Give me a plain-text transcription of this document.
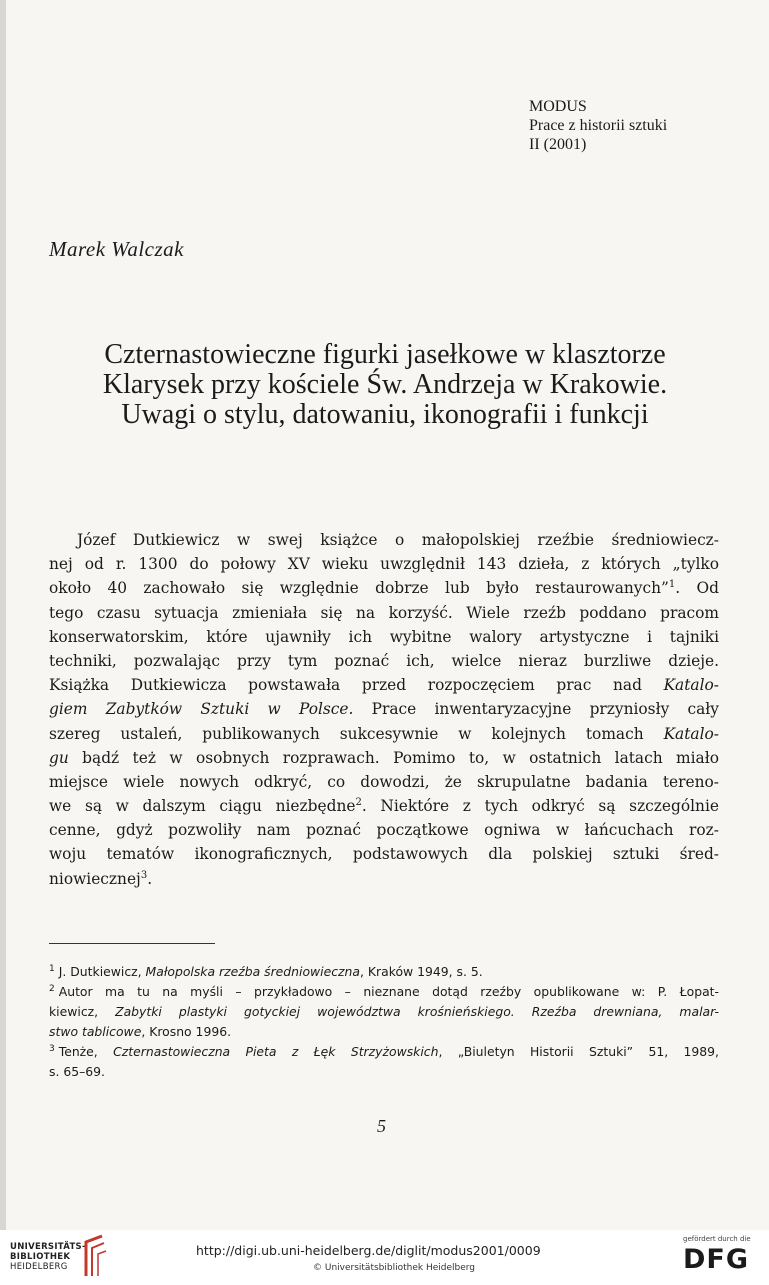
MODUS
Prace z historii sztuki
II (2001)
Marek Walczak
Czternastowieczne figurki jasełkowe w klasztorze
Klarysek przy kościele Św. Andrzeja w Krakowie.
Uwagi o stylu, datowaniu, ikonografii i funkcji
Józef Dutkiewicz w swej książce o małopolskiej rzeźbie średniowiecz-
nej od r. 1300 do połowy XV wieku uwzględnił 143 dzieła, z których „tylko
około 40 zachowało się względnie dobrze lub było restaurowanych”$^1$. Od
tego czasu sytuacja zmieniała się na korzyść. Wiele rzeźb poddano pracom
konserwatorskim, które ujawniły ich wybitne walory artystyczne i tajniki
techniki, pozwalając przy tym poznać ich, wielce nieraz burzliwe dzieje.
Książka Dutkiewicza powstawała przed rozpoczęciem prac nad Katalo-
giem Zabytków Sztuki w Polsce. Prace inwentaryzacyjne przyniosły cały
szereg ustaleń, publikowanych sukcesywnie w kolejnych tomach Katalo-
gu bądź też w osobnych rozprawach. Pomimo to, w ostatnich latach miało
miejsce wiele nowych odkryć, co dowodzi, że skrupulatne badania tereno-
we są w dalszym ciągu niezbędne$^2$. Niektóre z tych odkryć są szczególnie
cenne, gdyż pozwoliły nam poznać początkowe ogniwa w łańcuchach roz-
woju tematów ikonograficznych, podstawowych dla polskiej sztuki śred-
niowiecznej$^3$.
$^1$ J. Dutkiewicz, Małopolska rzeźba średniowieczna, Kraków 1949, s. 5.
$^2$ Autor ma tu na myśli – przykładowo – nieznane dotąd rzeźby opublikowane w: P. Łopat-
kiewicz, Zabytki plastyki gotyckiej województwa krośnieńskiego. Rzeźba drewniana, malar-
stwo tablicowe, Krosno 1996.
$^3$ Tenże, Czternastowieczna Pieta z Łęk Strzyżowskich, „Biuletyn Historii Sztuki” 51, 1989,
s. 65–69.
5
UNIVERSITÄTS-
BIBLIOTHEK
HEIDELBERG
http://digi.ub.uni-heidelberg.de/diglit/modus2001/0009
© Universitätsbibliothek Heidelberg
gefördert durch die
DFG
